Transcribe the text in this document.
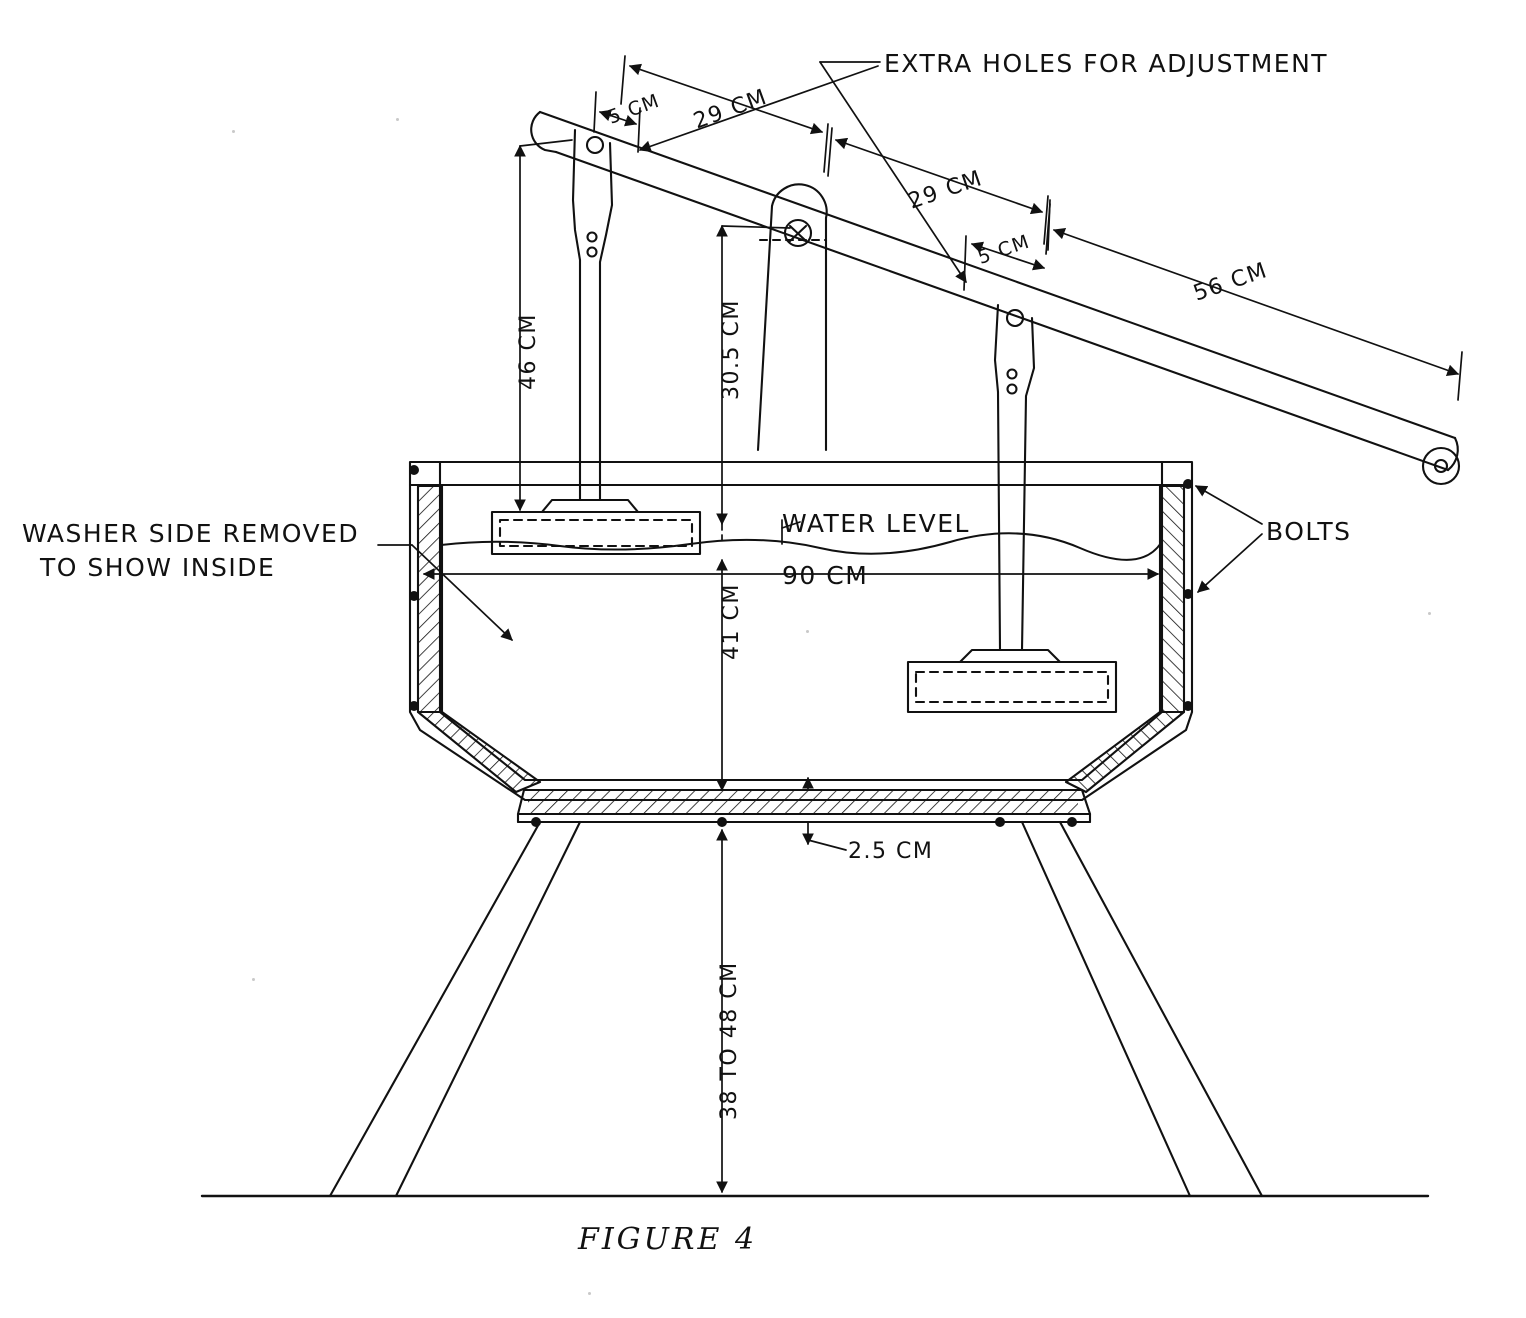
EXTRA HOLES FOR ADJUSTMENT
29 CM
5 CM
29 CM
5 CM
56 CM
46 CM	30.5 CM
WATER LEVEL	BOLTS
WASHER SIDE REMOVED
TO SHOW INSIDE	90 CM
41 CM
2.5 CM
38 TO 48 CM
FIGURE 4
